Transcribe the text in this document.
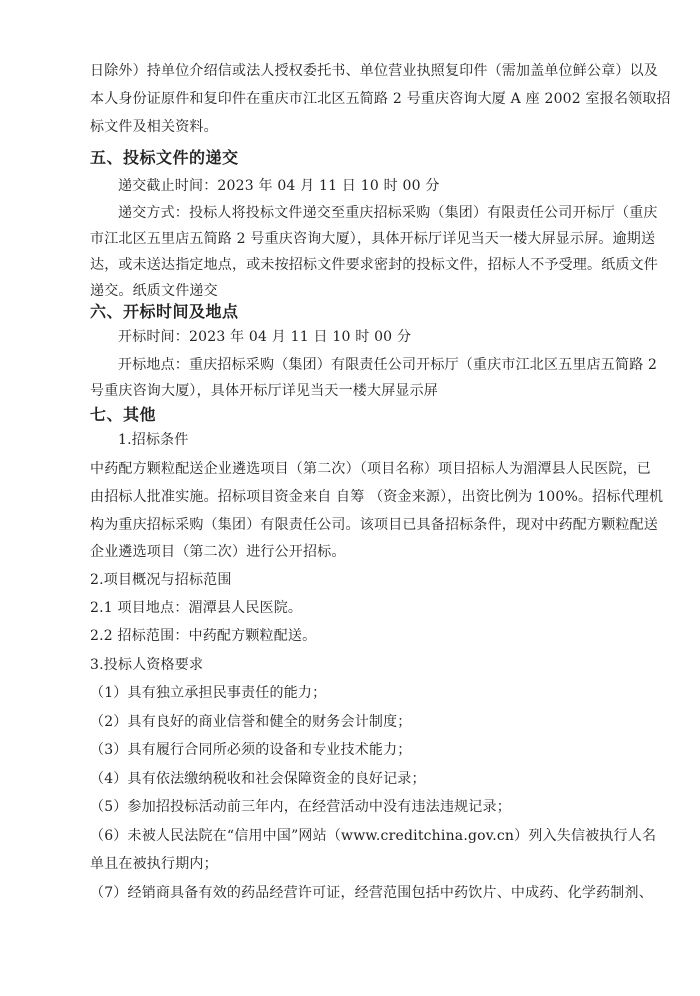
日除外）持单位介绍信或法人授权委托书、单位营业执照复印件（需加盖单位鲜公章）以及
本人身份证原件和复印件在重庆市江北区五简路 2 号重庆咨询大厦 A 座 2002 室报名领取招
标文件及相关资料。
五、投标文件的递交
递交截止时间：2023 年 04 月 11 日 10 时 00 分
递交方式：投标人将投标文件递交至重庆招标采购（集团）有限责任公司开标厅（重庆
市江北区五里店五简路 2 号重庆咨询大厦），具体开标厅详见当天一楼大屏显示屏。逾期送
达，或未送达指定地点，或未按招标文件要求密封的投标文件，招标人不予受理。纸质文件
递交。纸质文件递交
六、开标时间及地点
开标时间：2023 年 04 月 11 日 10 时 00 分
开标地点：重庆招标采购（集团）有限责任公司开标厅（重庆市江北区五里店五简路 2
号重庆咨询大厦），具体开标厅详见当天一楼大屏显示屏
七、其他
1.招标条件
中药配方颗粒配送企业遴选项目（第二次）（项目名称）项目招标人为湄潭县人民医院，已
由招标人批准实施。招标项目资金来自 自筹 （资金来源），出资比例为 100%。招标代理机
构为重庆招标采购（集团）有限责任公司。该项目已具备招标条件，现对中药配方颗粒配送
企业遴选项目（第二次）进行公开招标。
2.项目概况与招标范围
2.1 项目地点：湄潭县人民医院。
2.2 招标范围：中药配方颗粒配送。
3.投标人资格要求
（1）具有独立承担民事责任的能力；
（2）具有良好的商业信誉和健全的财务会计制度；
（3）具有履行合同所必须的设备和专业技术能力；
（4）具有依法缴纳税收和社会保障资金的良好记录；
（5）参加招投标活动前三年内，在经营活动中没有违法违规记录；
（6）未被人民法院在“信用中国”网站（www.creditchina.gov.cn）列入失信被执行人名
单且在被执行期内；
（7）经销商具备有效的药品经营许可证，经营范围包括中药饮片、中成药、化学药制剂、
